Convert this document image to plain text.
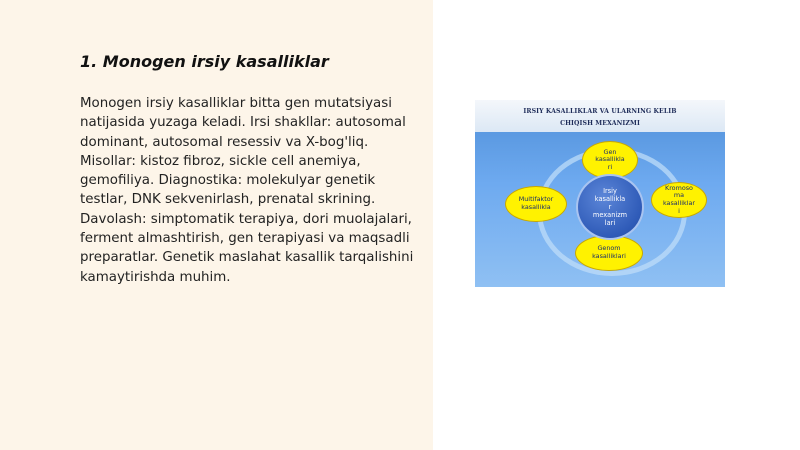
1. Monogen irsiy kasalliklar

Monogen irsiy kasalliklar bitta gen mutatsiyasi natijasida yuzaga keladi. Irsi shakllar: autosomal dominant, autosomal resessiv va X-bog'liq. Misollar: kistoz fibroz, sickle cell anemiya, gemofiliya. Diagnostika: molekulyar genetik testlar, DNK sekvenirlash, prenatal skrining. Davolash: simptomatik terapiya, dori muolajalari, ferment almashtirish, gen terapiyasi va maqsadli preparatlar. Genetik maslahat kasallik tarqalishini kamaytirishda muhim.

IRSIY KASALLIKLAR VA ULARNING KELIB

CHIQISH MEXANIZMI

Gen
kasallikla
ri
Multifaktor
kasallikla
Kromoso
ma
kasalliklar
i
Genom
kasalliklari
Irsiy
kasallikla
r
mexanizm
lari
